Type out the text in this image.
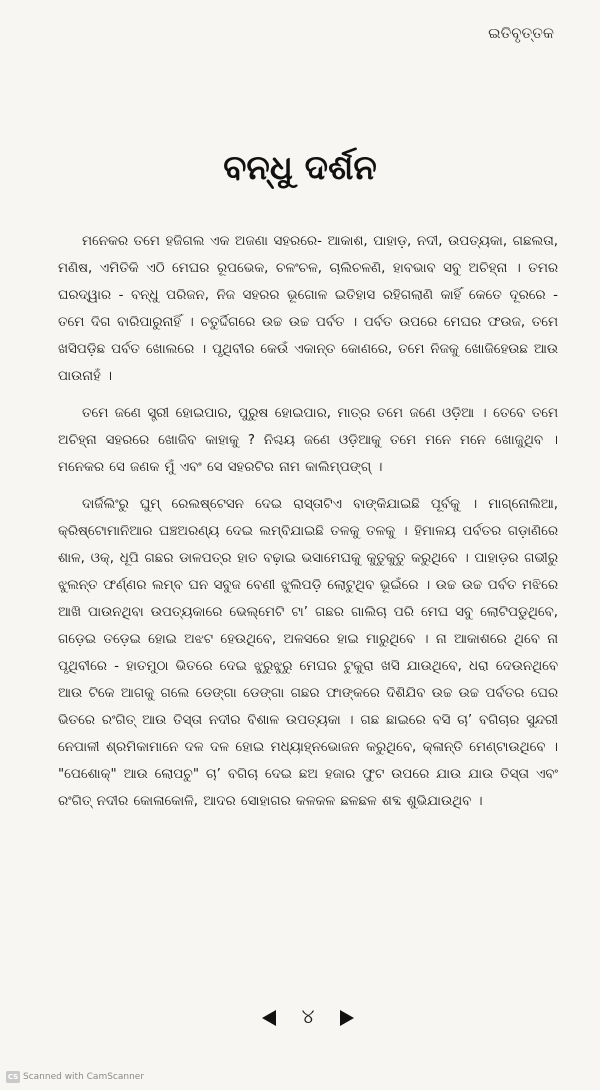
ଇତିବୃତ୍ତକ
ବନ୍ଧୁ ଦର୍ଶନ

ମନେକର ତମେ ହଜିଗଲ ଏକ ଅଜଣା ସହରରେ- ଆକାଶ, ପାହାଡ଼, ନଦୀ, ଉପତ୍ୟକା, ଗଛଲତା, ମଣିଷ, ଏମିତିକି ଏଠି ମେଘର ରୂପଭେକ, ଚଳଂଚଳ, ଚାଲିଚଳଣି, ହାବଭାବ ସବୁ ଅଚିହ୍ନା । ତମର ଘରଦ୍ୱାର - ବନ୍ଧୁ ପରିଜନ, ନିଜ ସହରର ଭୂଗୋଳ ଇତିହାସ ରହିଗଲାଣି କାହିଁ କେତେ ଦୂରରେ - ତମେ ଦିଗ ବାରିପାରୁନାହିଁ । ଚତୁର୍ଦ୍ଦିଗରେ ଉଚ୍ଚ ଉଚ୍ଚ ପର୍ବତ । ପର୍ବତ ଉପରେ ମେଘର ଫଉଜ, ତମେ ଖସିପଡ଼ିଛ ପର୍ବତ ଖୋଲରେ । ପୃଥିବୀର କେଉଁ ଏକାନ୍ତ କୋଣରେ, ତମେ ନିଜକୁ ଖୋଜିହେଉଛ ଆଉ ପାଉନାହଁ ।

ତମେ ଜଣେ ସ୍ତ୍ରୀ ହୋଇପାର, ପୁରୁଷ ହୋଇପାର, ମାତ୍ର ତମେ ଜଣେ ଓଡ଼ିଆ । ତେବେ ତମେ ଅଚିହ୍ନା ସହରରେ ଖୋଜିବ କାହାକୁ ? ନିଶ୍ଚୟ ଜଣେ ଓଡ଼ିଆକୁ ତମେ ମନେ ମନେ ଖୋଜୁଥିବ । ମନେକର ସେ ଜଣକ ମୁଁ ଏବଂ ସେ ସହରଟିର ନାମ କାଲିମ୍ପଙ୍ଗ୍ ।

ଦାର୍ଜିଲିଂରୁ ଘୁମ୍ ରେଲଷ୍ଟେସନ ଦେଇ ରାସ୍ତାଟିଏ ବାଙ୍କିଯାଇଛି ପୂର୍ବକୁ । ମାଗ୍ନୋଲିଆ, କ୍ରିଷ୍ଟୋମାନିଆର ଘଞ୍ଚଅରଣ୍ୟ ଦେଇ ଲମ୍ବିଯାଇଛି ତଳକୁ ତଳକୁ । ହିମାଳୟ ପର୍ବତର ଗଡ଼ାଣିରେ ଶାଳ, ଓକ୍, ଧୂପି ଗଛର ଡାଳପତ୍ର ହାତ ବଢ଼ାଇ ଭସାମେଘକୁ କୁତୁକୁତୁ କରୁଥିବେ । ପାହାଡ଼ର ଗଭୀରୁ ଝୁଲନ୍ତ ଫର୍ଣ୍ଣର ଲମ୍ବ ଘନ ସବୁଜ ବେଣୀ ଝୁଲିପଡ଼ି ଲୋଟୁଥିବ ଭୂଇଁରେ । ଉଚ୍ଚ ଉଚ୍ଚ ପର୍ବତ ମଝିରେ ଆଖି ପାଉନଥିବା ଉପତ୍ୟକାରେ ଭେଲ୍‌ମେଟି ଟା’ ଗଛର ଗାଲିଚା ପରି ମେଘ ସବୁ ଲୋଟିପଡୁଥିବେ, ଗଡ଼େଇ ତଡ଼େଇ ହୋଇ ଅଝଟ ହେଉଥିବେ, ଅଳସରେ ହାଇ ମାରୁଥିବେ । ନା ଆକାଶରେ ଥିବେ ନା ପୃଥିବୀରେ - ହାତମୁଠା ଭିତରେ ଦେଇ ଝୁରୁଝୁରୁ ମେଘର ଟୁକୁରା ଖସି ଯାଉଥିବେ, ଧରା ଦେଉନଥିବେ ଆଉ ଟିକେ ଆଗକୁ ଗଲେ ଡେଙ୍ଗା ଡେଙ୍ଗା ଗଛର ଫାଙ୍କରେ ଦିଶିଯିବ ଉଚ୍ଚ ଉଚ୍ଚ ପର୍ବତର ଘେର ଭିତରେ ରଂଗିତ୍ ଆଉ ତିସ୍ତା ନଦୀର ବିଶାଳ ଉପତ୍ୟକା । ଗଛ ଛାଇରେ ବସି ଚା’ ବଗିଚାର ସୁନ୍ଦରୀ ନେପାଳୀ ଶ୍ରମିକାମାନେ ଦଳ ଦଳ ହୋଇ ମଧ୍ୟାହ୍ନଭୋଜନ କରୁଥିବେ, କ୍ଳାନ୍ତି ମେଣ୍ଟାଉଥିବେ । "ପେଶୋକ୍" ଆଉ ଲୋପଚୁ" ଚା’ ବଗିଚା ଦେଇ ଛଅ ହଜାର ଫୁଟ ଉପରେ ଯାଉ ଯାଉ ତିସ୍ତା ଏବଂ ରଂଗିତ୍ ନଦୀର କୋଳାକୋଳି, ଆଦର ସୋହାଗର କଳକଳ ଛଳଛଳ ଶବ୍ଦ ଶୁଭିଯାଉଥିବ ।

୪
CS Scanned with CamScanner
